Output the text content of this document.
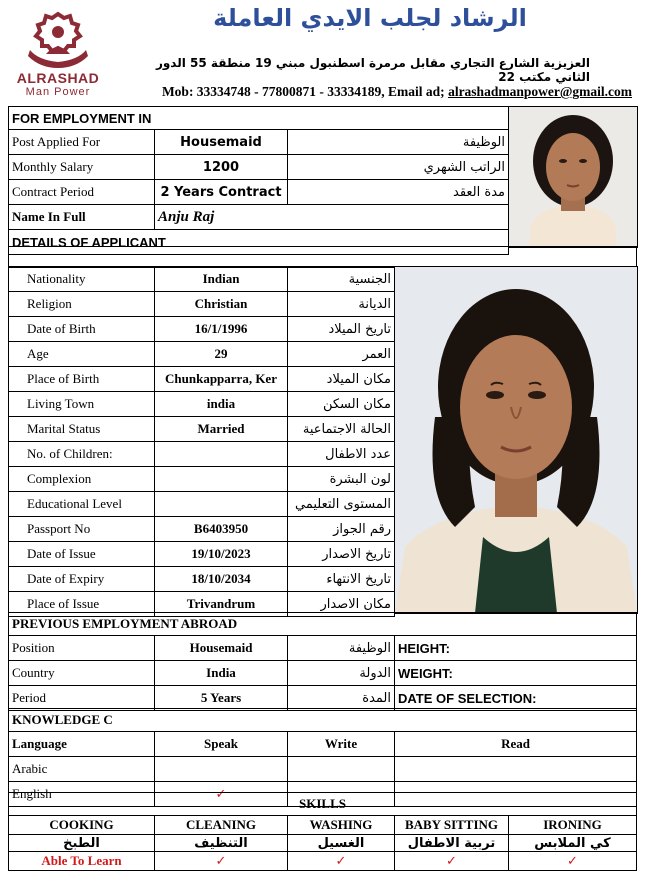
ALRASHAD
Man Power
الرشاد لجلب الايدي العاملة
العزيزية الشارع التجاري مقابل مرمرة اسطنبول مبني 19 منطقة 55 الدور الثاني مكتب 22
Mob: 33334748 - 77800871 - 33334189, Email ad; alrashadmanpower@gmail.com
FOR EMPLOYMENT IN		
Post Applied For	Housemaid	الوظيفة
Monthly Salary	1200	الراتب الشهري
Contract Period	2 Years Contract	مدة العقد
Name In Full	Anju Raj	
DETAILS OF APPLICANT		
Nationality	Indian	الجنسية
Religion	Christian	الديانة
Date of Birth	16/1/1996	تاريخ الميلاد
Age	29	العمر
Place of Birth	Chunkapparra, Ker	مكان الميلاد
Living Town	india	مكان السكن
Marital Status	Married	الحالة الاجتماعية
No. of Children:		عدد الاطفال
Complexion		لون البشرة
Educational Level		المستوى التعليمي
Passport No	B6403950	رقم الجواز
Date of Issue	19/10/2023	تاريخ الاصدار
Date of Expiry	18/10/2034	تاريخ الانتهاء
Place of Issue	Trivandrum	مكان الاصدار
PREVIOUS EMPLOYMENT ABROAD			
Position	Housemaid	الوظيفة	HEIGHT:
Country	India	الدولة	WEIGHT:
Period	5 Years	المدة	DATE OF SELECTION:
KNOWLEDGE C			
Language	Speak	Write	Read
Arabic			
English	✓		
SKILLS				
COOKING	CLEANING	WASHING	BABY SITTING	IRONING
الطبخ	التنظيف	الغسيل	تربية الاطفال	كي الملابس
Able To Learn	✓	✓	✓	✓
